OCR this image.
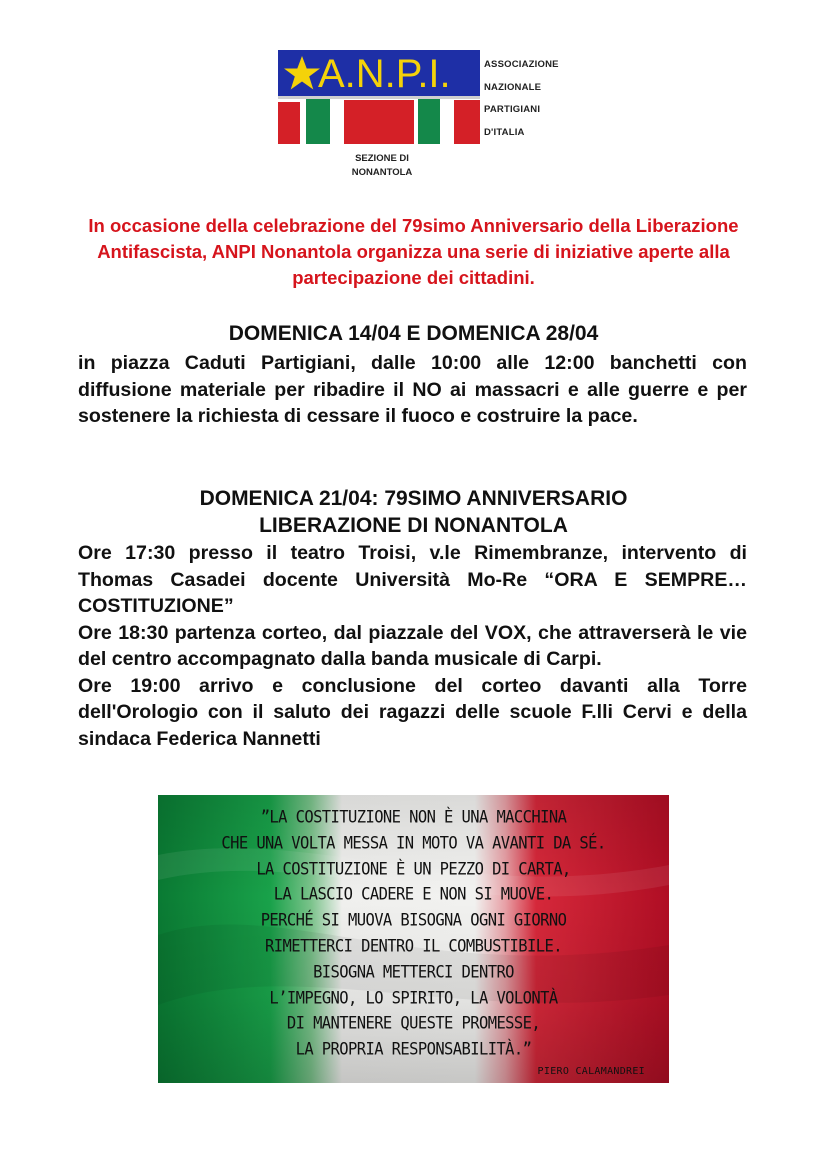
A.N.P.I.	ASSOCIAZIONE
NAZIONALE
PARTIGIANI
D'ITALIA
SEZIONE DI
NONANTOLA
In occasione della celebrazione del 79simo Anniversario della Liberazione Antifascista, ANPI Nonantola organizza una serie di iniziative aperte alla partecipazione dei cittadini.
DOMENICA 14/04 E DOMENICA 28/04
in piazza Caduti Partigiani, dalle 10:00 alle 12:00 banchetti con diffusione materiale per ribadire il NO ai massacri e alle guerre e per sostenere la richiesta di cessare il fuoco e costruire la pace.
DOMENICA 21/04: 79SIMO ANNIVERSARIO
LIBERAZIONE DI NONANTOLA
Ore 17:30 presso il teatro Troisi, v.le Rimembranze, intervento di Thomas Casadei docente Università Mo-Re “ORA E SEMPRE… COSTITUZIONE”
Ore 18:30 partenza corteo, dal piazzale del VOX, che attraverserà le vie del centro accompagnato dalla banda musicale di Carpi.
Ore 19:00 arrivo e conclusione del corteo davanti alla Torre dell'Orologio con il saluto dei ragazzi delle scuole F.lli Cervi e della sindaca Federica Nannetti
”LA COSTITUZIONE NON È UNA MACCHINA
CHE UNA VOLTA MESSA IN MOTO VA AVANTI DA SÉ.
LA COSTITUZIONE È UN PEZZO DI CARTA,
LA LASCIO CADERE E NON SI MUOVE.
PERCHÉ SI MUOVA BISOGNA OGNI GIORNO
RIMETTERCI DENTRO IL COMBUSTIBILE.
BISOGNA METTERCI DENTRO
L’IMPEGNO, LO SPIRITO, LA VOLONTÀ
DI MANTENERE QUESTE PROMESSE,
LA PROPRIA RESPONSABILITÀ.”
PIERO CALAMANDREI
